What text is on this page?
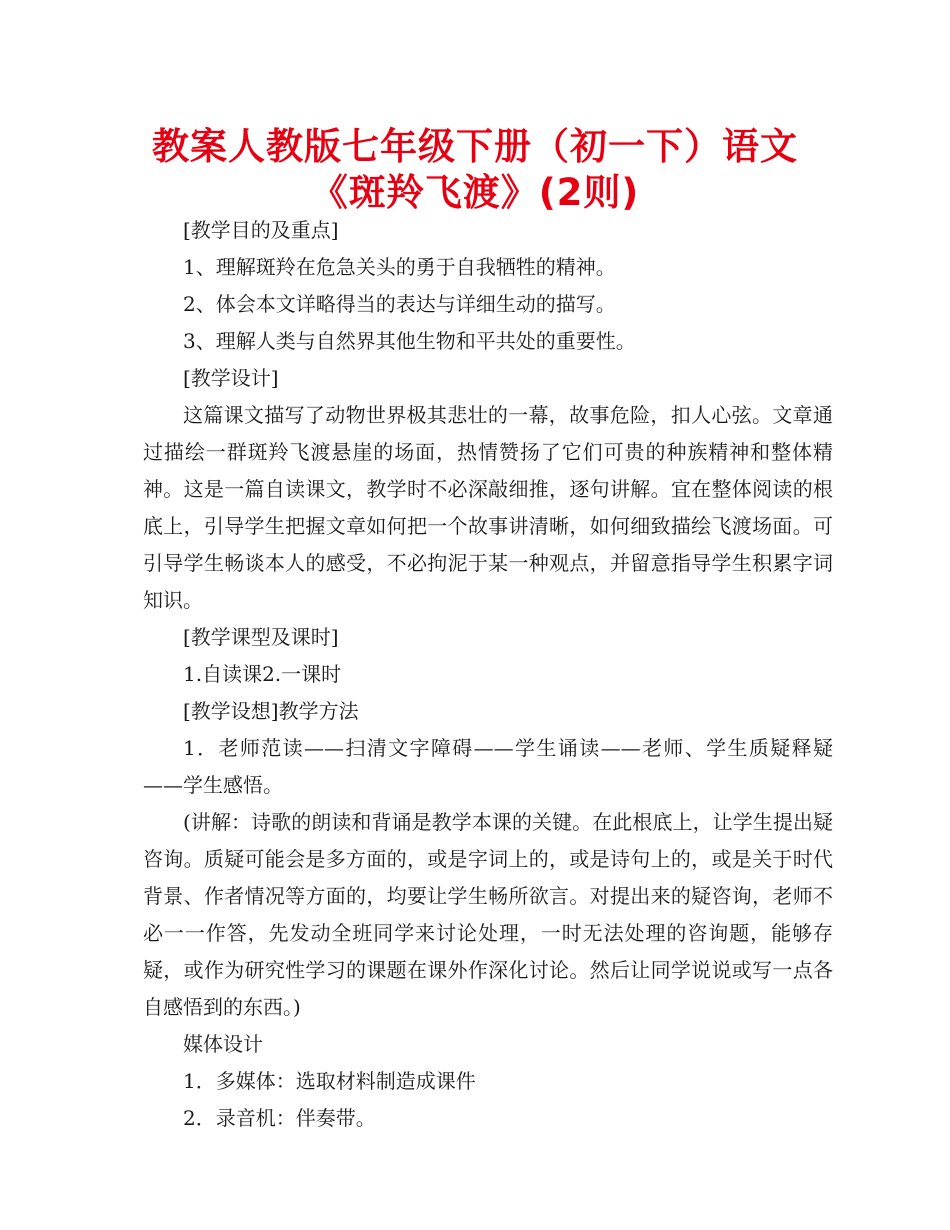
教案人教版七年级下册（初一下）语文
《斑羚飞渡》(2则)

[教学目的及重点]

1、理解斑羚在危急关头的勇于自我牺牲的精神。

2、体会本文详略得当的表达与详细生动的描写。

3、理解人类与自然界其他生物和平共处的重要性。

[教学设计]

这篇课文描写了动物世界极其悲壮的一幕，故事危险，扣人心弦。文章通过描绘一群斑羚飞渡悬崖的场面，热情赞扬了它们可贵的种族精神和整体精神。这是一篇自读课文，教学时不必深敲细推，逐句讲解。宜在整体阅读的根底上，引导学生把握文章如何把一个故事讲清晰，如何细致描绘飞渡场面。可引导学生畅谈本人的感受，不必拘泥于某一种观点，并留意指导学生积累字词知识。

[教学课型及课时]

1.自读课2.一课时

[教学设想]教学方法

1．老师范读——扫清文字障碍——学生诵读——老师、学生质疑释疑——学生感悟。

(讲解：诗歌的朗读和背诵是教学本课的关键。在此根底上，让学生提出疑咨询。质疑可能会是多方面的，或是字词上的，或是诗句上的，或是关于时代背景、作者情况等方面的，均要让学生畅所欲言。对提出来的疑咨询，老师不必一一作答，先发动全班同学来讨论处理，一时无法处理的咨询题，能够存疑，或作为研究性学习的课题在课外作深化讨论。然后让同学说说或写一点各自感悟到的东西。)

媒体设计

1．多媒体：选取材料制造成课件

2．录音机：伴奏带。
